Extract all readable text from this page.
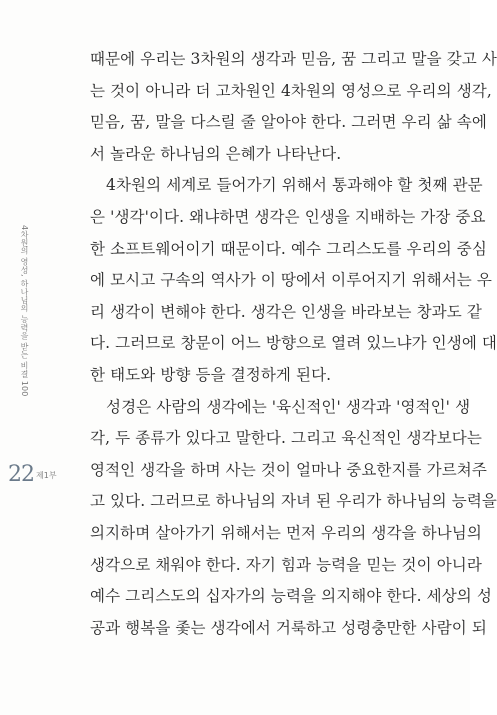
4차원의 영성, 하나님의 능력을 받는 비결 100
22 제1부
때문에 우리는 3차원의 생각과 믿음, 꿈 그리고 말을 갖고 사
는 것이 아니라 더 고차원인 4차원의 영성으로 우리의 생각,
믿음, 꿈, 말을 다스릴 줄 알아야 한다. 그러면 우리 삶 속에
서 놀라운 하나님의 은혜가 나타난다.
4차원의 세계로 들어가기 위해서 통과해야 할 첫째 관문
은 '생각'이다. 왜냐하면 생각은 인생을 지배하는 가장 중요
한 소프트웨어이기 때문이다. 예수 그리스도를 우리의 중심
에 모시고 구속의 역사가 이 땅에서 이루어지기 위해서는 우
리 생각이 변해야 한다. 생각은 인생을 바라보는 창과도 같
다. 그러므로 창문이 어느 방향으로 열려 있느냐가 인생에 대
한 태도와 방향 등을 결정하게 된다.
성경은 사람의 생각에는 '육신적인' 생각과 '영적인' 생
각, 두 종류가 있다고 말한다. 그리고 육신적인 생각보다는
영적인 생각을 하며 사는 것이 얼마나 중요한지를 가르쳐주
고 있다. 그러므로 하나님의 자녀 된 우리가 하나님의 능력을
의지하며 살아가기 위해서는 먼저 우리의 생각을 하나님의
생각으로 채워야 한다. 자기 힘과 능력을 믿는 것이 아니라
예수 그리스도의 십자가의 능력을 의지해야 한다. 세상의 성
공과 행복을 좇는 생각에서 거룩하고 성령충만한 사람이 되
